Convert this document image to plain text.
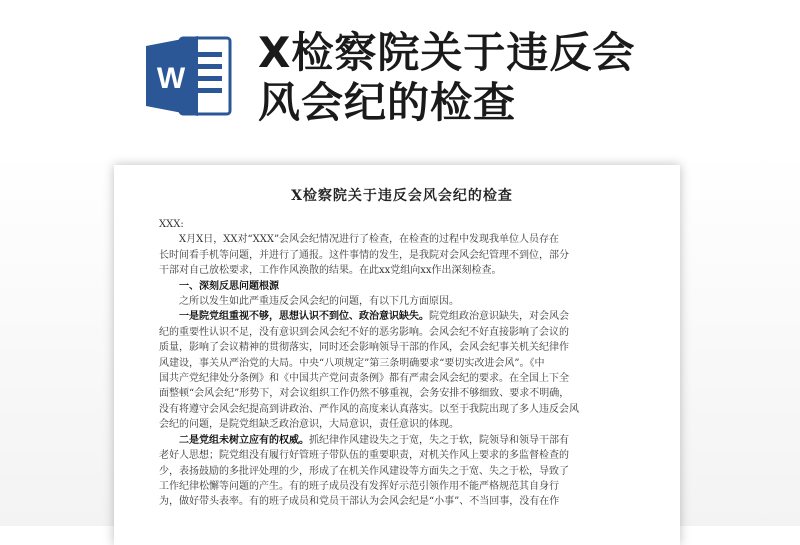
W
X检察院关于违反会
风会纪的检查
X检察院关于违反会风会纪的检查

XXX:

　　X月X日，XX对“XXX”会风会纪情况进行了检查，在检查的过程中发现我单位人员存在

长时间看手机等问题，并进行了通报。这件事情的发生，是我院对会风会纪管理不到位，部分

干部对自己放松要求，工作作风涣散的结果。在此xx党组向xx作出深刻检查。

　　一、深刻反思问题根源

　　之所以发生如此严重违反会风会纪的问题，有以下几方面原因。

　　一是院党组重视不够，思想认识不到位、政治意识缺失。院党组政治意识缺失，对会风会

纪的重要性认识不足，没有意识到会风会纪不好的恶劣影响。会风会纪不好直接影响了会议的

质量，影响了会议精神的贯彻落实，同时还会影响领导干部的作风，会风会纪事关机关纪律作

风建设，事关从严治党的大局。中央“八项规定”第三条明确要求“要切实改进会风”。《中

国共产党纪律处分条例》和《中国共产党问责条例》都有严肃会风会纪的要求。在全国上下全

面整顿“会风会纪”形势下，对会议组织工作仍然不够重视，会务安排不够细致、要求不明确，

没有将遵守会风会纪提高到讲政治、严作风的高度来认真落实。以至于我院出现了多人违反会风

会纪的问题，是院党组缺乏政治意识，大局意识，责任意识的体现。

　　二是党组未树立应有的权威。抓纪律作风建设失之于宽，失之于软，院领导和领导干部有

老好人思想；院党组没有履行好管班子带队伍的重要职责，对机关作风上要求的多监督检查的

少，表扬鼓励的多批评处理的少，形成了在机关作风建设等方面失之于宽、失之于松，导致了

工作纪律松懈等问题的产生。有的班子成员没有发挥好示范引领作用不能严格规范其自身行

为，做好带头表率。有的班子成员和党员干部认为会风会纪是“小事”、不当回事，没有在作
